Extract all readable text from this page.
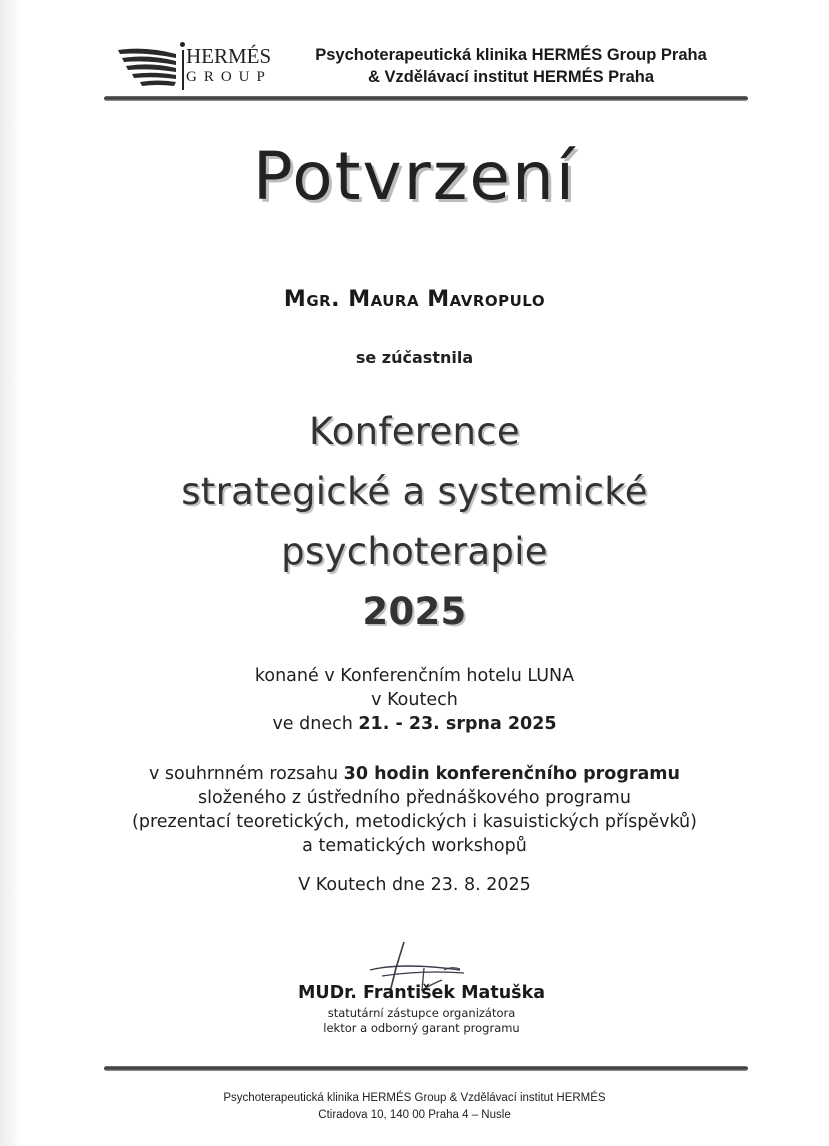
HERMÉS
GROUP
Psychoterapeutická klinika HERMÉS Group Praha
& Vzdělávací institut HERMÉS Praha
Potvrzení
Mgr. Maura Mavropulo
se zúčastnila
Konference
strategické a systemické
psychoterapie
2025
konané v Konferenčním hotelu LUNA
v Koutech
ve dnech 21. - 23. srpna 2025
v souhrnném rozsahu 30 hodin konferenčního programu
složeného z ústředního přednáškového programu
(prezentací teoretických, metodických i kasuistických příspěvků)
a tematických workshopů
V Koutech dne 23. 8. 2025
MUDr. František Matuška
statutární zástupce organizátora
lektor a odborný garant programu
Psychoterapeutická klinika HERMÉS Group & Vzdělávací institut HERMÉS
Ctiradova 10, 140 00 Praha 4 – Nusle
